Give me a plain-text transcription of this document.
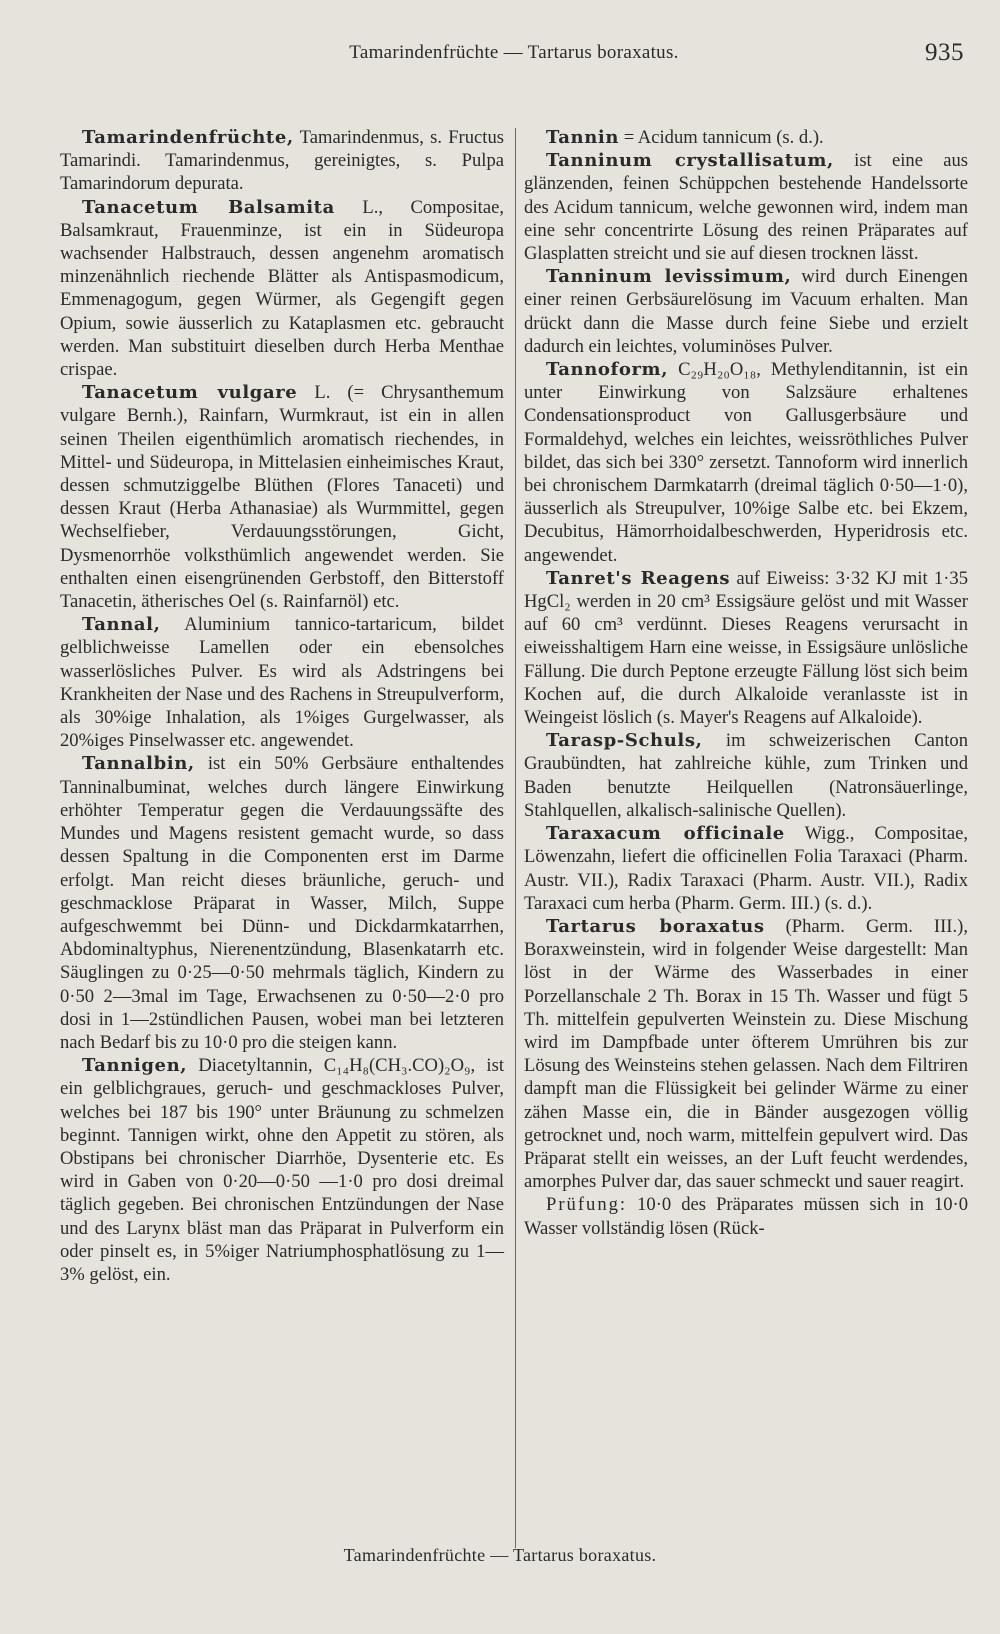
Tamarindenfrüchte — Tartarus boraxatus.	935

Tamarindenfrüchte, Tamarindenmus, s. Fructus Tamarindi. Tamarindenmus, gereinigtes, s. Pulpa Tamarindorum depurata.

Tanacetum Balsamita L., Compositae, Balsamkraut, Frauenminze, ist ein in Südeuropa wachsender Halbstrauch, dessen angenehm aromatisch minzenähnlich riechende Blätter als Antispasmodicum, Emmenagogum, gegen Würmer, als Gegengift gegen Opium, sowie äusserlich zu Kataplasmen etc. gebraucht werden. Man substituirt dieselben durch Herba Menthae crispae.

Tanacetum vulgare L. (= Chrysanthemum vulgare Bernh.), Rainfarn, Wurmkraut, ist ein in allen seinen Theilen eigenthümlich aromatisch riechendes, in Mittel- und Südeuropa, in Mittelasien einheimisches Kraut, dessen schmutziggelbe Blüthen (Flores Tanaceti) und dessen Kraut (Herba Athanasiae) als Wurmmittel, gegen Wechselfieber, Verdauungsstörungen, Gicht, Dysmenorrhöe volksthümlich angewendet werden. Sie enthalten einen eisengrünenden Gerbstoff, den Bitterstoff Tanacetin, ätherisches Oel (s. Rainfarnöl) etc.

Tannal, Aluminium tannico-tartaricum, bildet gelblichweisse Lamellen oder ein ebensolches wasserlösliches Pulver. Es wird als Adstringens bei Krankheiten der Nase und des Rachens in Streupulverform, als 30%ige Inhalation, als 1%iges Gurgelwasser, als 20%iges Pinselwasser etc. angewendet.

Tannalbin, ist ein 50% Gerbsäure enthaltendes Tanninalbuminat, welches durch längere Einwirkung erhöhter Temperatur gegen die Verdauungssäfte des Mundes und Magens resistent gemacht wurde, so dass dessen Spaltung in die Componenten erst im Darme erfolgt. Man reicht dieses bräunliche, geruch- und geschmacklose Präparat in Wasser, Milch, Suppe aufgeschwemmt bei Dünn- und Dickdarmkatarrhen, Abdominaltyphus, Nierenentzündung, Blasenkatarrh etc. Säuglingen zu 0·25—0·50 mehrmals täglich, Kindern zu 0·50 2—3mal im Tage, Erwachsenen zu 0·50—2·0 pro dosi in 1—2stündlichen Pausen, wobei man bei letzteren nach Bedarf bis zu 10·0 pro die steigen kann.

Tannigen, Diacetyltannin, C₁₄H₈(CH₃.CO)₂O₉, ist ein gelblichgraues, geruch- und geschmackloses Pulver, welches bei 187 bis 190° unter Bräunung zu schmelzen beginnt. Tannigen wirkt, ohne den Appetit zu stören, als Obstipans bei chronischer Diarrhöe, Dysenterie etc. Es wird in Gaben von 0·20—0·50 —1·0 pro dosi dreimal täglich gegeben. Bei chronischen Entzündungen der Nase und des Larynx bläst man das Präparat in Pulverform ein oder pinselt es, in 5%iger Natriumphosphatlösung zu 1—3% gelöst, ein.

Tannin = Acidum tannicum (s. d.).

Tanninum crystallisatum, ist eine aus glänzenden, feinen Schüppchen bestehende Handelssorte des Acidum tannicum, welche gewonnen wird, indem man eine sehr concentrirte Lösung des reinen Präparates auf Glasplatten streicht und sie auf diesen trocknen lässt.

Tanninum levissimum, wird durch Einengen einer reinen Gerbsäurelösung im Vacuum erhalten. Man drückt dann die Masse durch feine Siebe und erzielt dadurch ein leichtes, voluminöses Pulver.

Tannoform, C₂₉H₂₀O₁₈, Methylenditannin, ist ein unter Einwirkung von Salzsäure erhaltenes Condensationsproduct von Gallusgerbsäure und Formaldehyd, welches ein leichtes, weissröthliches Pulver bildet, das sich bei 330° zersetzt. Tannoform wird innerlich bei chronischem Darmkatarrh (dreimal täglich 0·50—1·0), äusserlich als Streupulver, 10%ige Salbe etc. bei Ekzem, Decubitus, Hämorrhoidalbeschwerden, Hyperidrosis etc. angewendet.

Tanret's Reagens auf Eiweiss: 3·32 KJ mit 1·35 HgCl₂ werden in 20 cm³ Essigsäure gelöst und mit Wasser auf 60 cm³ verdünnt. Dieses Reagens verursacht in eiweisshaltigem Harn eine weisse, in Essigsäure unlösliche Fällung. Die durch Peptone erzeugte Fällung löst sich beim Kochen auf, die durch Alkaloide veranlasste ist in Weingeist löslich (s. Mayer's Reagens auf Alkaloide).

Tarasp-Schuls, im schweizerischen Canton Graubündten, hat zahlreiche kühle, zum Trinken und Baden benutzte Heilquellen (Natronsäuerlinge, Stahlquellen, alkalisch-salinische Quellen).

Taraxacum officinale Wigg., Compositae, Löwenzahn, liefert die officinellen Folia Taraxaci (Pharm. Austr. VII.), Radix Taraxaci (Pharm. Austr. VII.), Radix Taraxaci cum herba (Pharm. Germ. III.) (s. d.).

Tartarus boraxatus (Pharm. Germ. III.), Boraxweinstein, wird in folgender Weise dargestellt: Man löst in der Wärme des Wasserbades in einer Porzellanschale 2 Th. Borax in 15 Th. Wasser und fügt 5 Th. mittelfein gepulverten Weinstein zu. Diese Mischung wird im Dampfbade unter öfterem Umrühren bis zur Lösung des Weinsteins stehen gelassen. Nach dem Filtriren dampft man die Flüssigkeit bei gelinder Wärme zu einer zähen Masse ein, die in Bänder ausgezogen völlig getrocknet und, noch warm, mittelfein gepulvert wird. Das Präparat stellt ein weisses, an der Luft feucht werdendes, amorphes Pulver dar, das sauer schmeckt und sauer reagirt.

Prüfung: 10·0 des Präparates müssen sich in 10·0 Wasser vollständig lösen (Rück-

Tamarindenfrüchte — Tartarus boraxatus.
